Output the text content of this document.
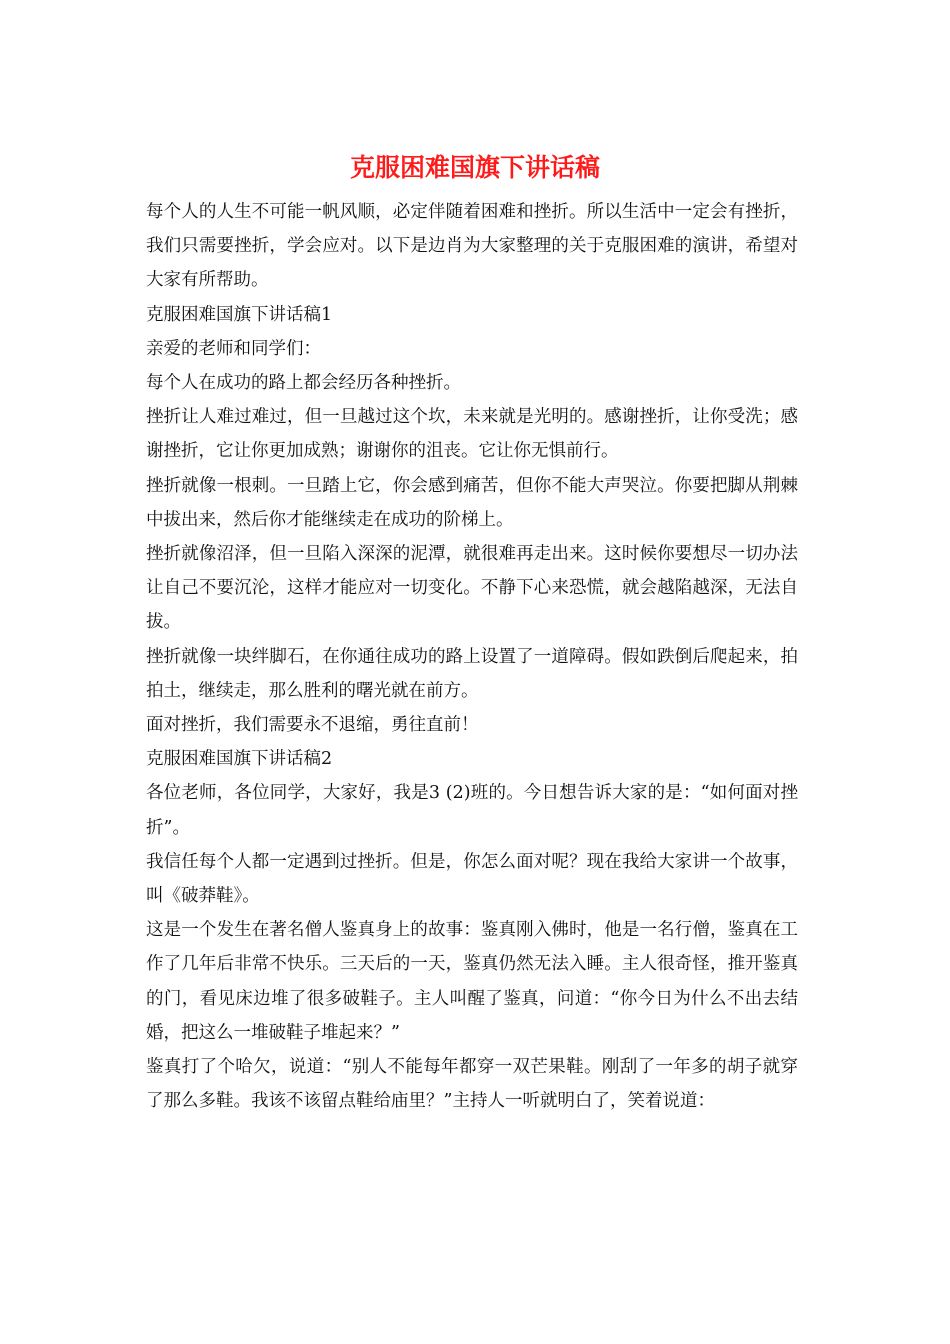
克服困难国旗下讲话稿

每个人的人生不可能一帆风顺，必定伴随着困难和挫折。所以生活中一定会有挫折，我们只需要挫折，学会应对。以下是边肖为大家整理的关于克服困难的演讲，希望对大家有所帮助。

克服困难国旗下讲话稿1

亲爱的老师和同学们：

每个人在成功的路上都会经历各种挫折。

挫折让人难过难过，但一旦越过这个坎，未来就是光明的。感谢挫折，让你受洗；感谢挫折，它让你更加成熟；谢谢你的沮丧。它让你无惧前行。

挫折就像一根刺。一旦踏上它，你会感到痛苦，但你不能大声哭泣。你要把脚从荆棘中拔出来，然后你才能继续走在成功的阶梯上。

挫折就像沼泽，但一旦陷入深深的泥潭，就很难再走出来。这时候你要想尽一切办法让自己不要沉沦，这样才能应对一切变化。不静下心来恐慌，就会越陷越深，无法自拔。

挫折就像一块绊脚石，在你通往成功的路上设置了一道障碍。假如跌倒后爬起来，拍拍土，继续走，那么胜利的曙光就在前方。

面对挫折，我们需要永不退缩，勇往直前！

克服困难国旗下讲话稿2

各位老师，各位同学，大家好，我是3 (2)班的。今日想告诉大家的是：“如何面对挫折”。

我信任每个人都一定遇到过挫折。但是，你怎么面对呢？现在我给大家讲一个故事，叫《破莽鞋》。

这是一个发生在著名僧人鉴真身上的故事：鉴真刚入佛时，他是一名行僧，鉴真在工作了几年后非常不快乐。三天后的一天，鉴真仍然无法入睡。主人很奇怪，推开鉴真的门，看见床边堆了很多破鞋子。主人叫醒了鉴真，问道：“你今日为什么不出去结婚，把这么一堆破鞋子堆起来？”

鉴真打了个哈欠，说道：“别人不能每年都穿一双芒果鞋。刚刮了一年多的胡子就穿了那么多鞋。我该不该留点鞋给庙里？”主持人一听就明白了，笑着说道：
